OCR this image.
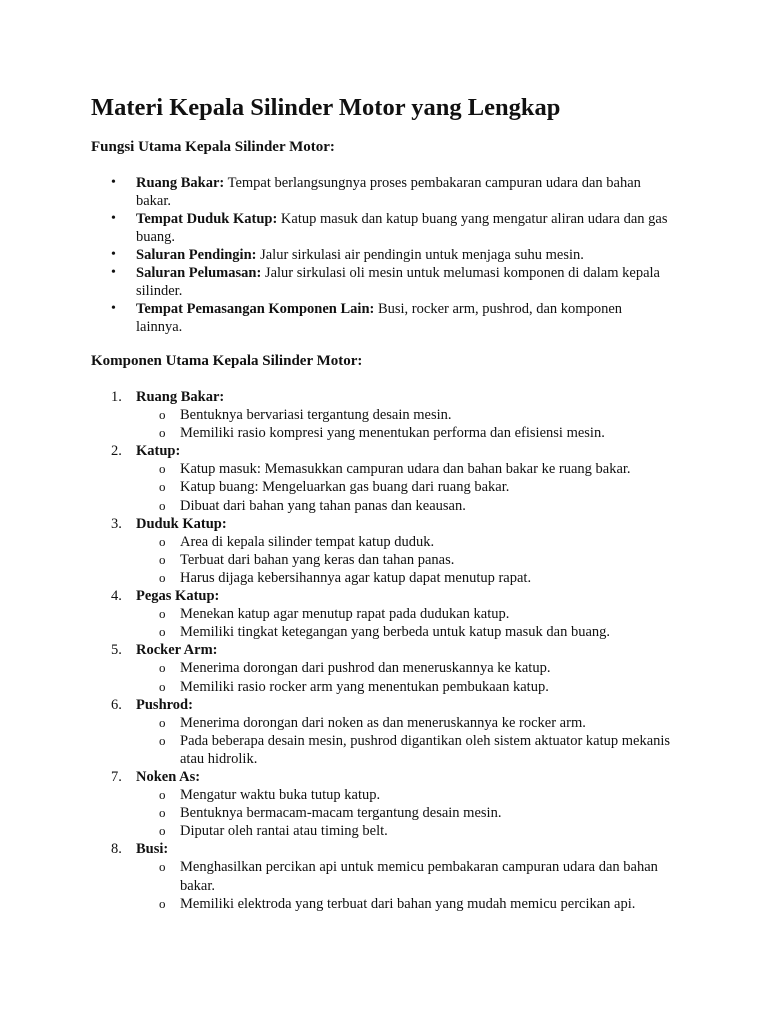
Materi Kepala Silinder Motor yang Lengkap

Fungsi Utama Kepala Silinder Motor:

• Ruang Bakar: Tempat berlangsungnya proses pembakaran campuran udara dan bahan bakar.
• Tempat Duduk Katup: Katup masuk dan katup buang yang mengatur aliran udara dan gas buang.
• Saluran Pendingin: Jalur sirkulasi air pendingin untuk menjaga suhu mesin.
• Saluran Pelumasan: Jalur sirkulasi oli mesin untuk melumasi komponen di dalam kepala silinder.
• Tempat Pemasangan Komponen Lain: Busi, rocker arm, pushrod, dan komponen lainnya.

Komponen Utama Kepala Silinder Motor:

1. Ruang Bakar:
o Bentuknya bervariasi tergantung desain mesin.
o Memiliki rasio kompresi yang menentukan performa dan efisiensi mesin.
2. Katup:
o Katup masuk: Memasukkan campuran udara dan bahan bakar ke ruang bakar.
o Katup buang: Mengeluarkan gas buang dari ruang bakar.
o Dibuat dari bahan yang tahan panas dan keausan.
3. Duduk Katup:
o Area di kepala silinder tempat katup duduk.
o Terbuat dari bahan yang keras dan tahan panas.
o Harus dijaga kebersihannya agar katup dapat menutup rapat.
4. Pegas Katup:
o Menekan katup agar menutup rapat pada dudukan katup.
o Memiliki tingkat ketegangan yang berbeda untuk katup masuk dan buang.
5. Rocker Arm:
o Menerima dorongan dari pushrod dan meneruskannya ke katup.
o Memiliki rasio rocker arm yang menentukan pembukaan katup.
6. Pushrod:
o Menerima dorongan dari noken as dan meneruskannya ke rocker arm.
o Pada beberapa desain mesin, pushrod digantikan oleh sistem aktuator katup mekanis atau hidrolik.
7. Noken As:
o Mengatur waktu buka tutup katup.
o Bentuknya bermacam-macam tergantung desain mesin.
o Diputar oleh rantai atau timing belt.
8. Busi:
o Menghasilkan percikan api untuk memicu pembakaran campuran udara dan bahan bakar.
o Memiliki elektroda yang terbuat dari bahan yang mudah memicu percikan api.
